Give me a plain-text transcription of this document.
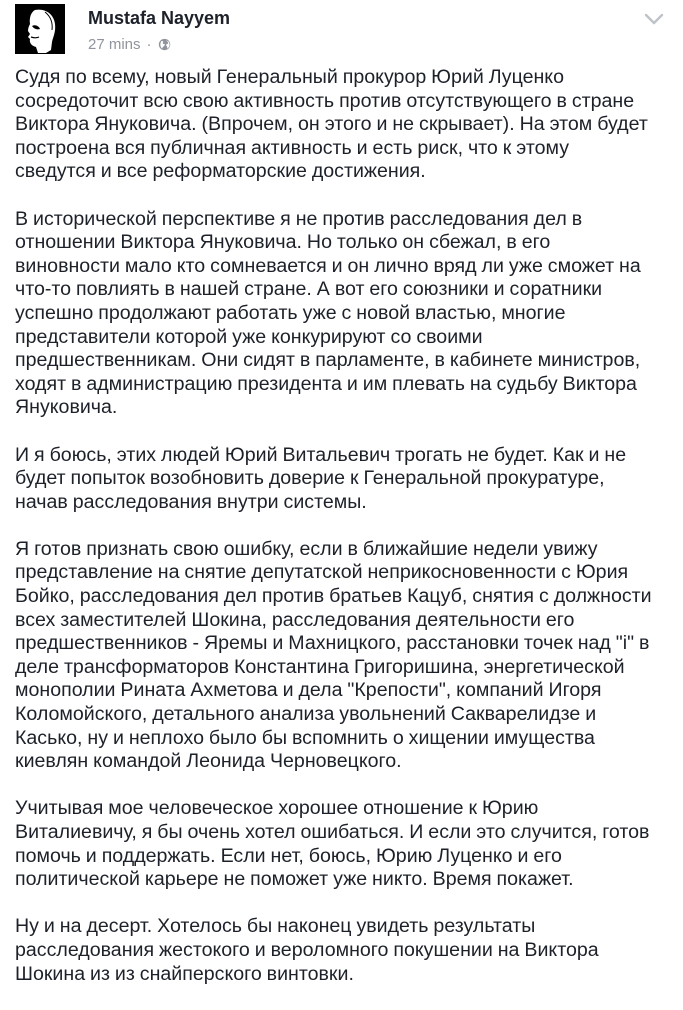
Mustafa Nayyem
27 mins ·

Судя по всему, новый Генеральный прокурор Юрий Луценко
сосредоточит всю свою активность против отсутствующего в стране
Виктора Януковича. (Впрочем, он этого и не скрывает). На этом будет
построена вся публичная активность и есть риск, что к этому
сведутся и все реформаторские достижения.

В исторической перспективе я не против расследования дел в
отношении Виктора Януковича. Но только он сбежал, в его
виновности мало кто сомневается и он лично вряд ли уже сможет на
что-то повлиять в нашей стране. А вот его союзники и соратники
успешно продолжают работать уже с новой властью, многие
представители которой уже конкурируют со своими
предшественникам. Они сидят в парламенте, в кабинете министров,
ходят в администрацию президента и им плевать на судьбу Виктора
Януковича.

И я боюсь, этих людей Юрий Витальевич трогать не будет. Как и не
будет попыток возобновить доверие к Генеральной прокуратуре,
начав расследования внутри системы.

Я готов признать свою ошибку, если в ближайшие недели увижу
представление на снятие депутатской неприкосновенности с Юрия
Бойко, расследования дел против братьев Кацуб, снятия с должности
всех заместителей Шокина, расследования деятельности его
предшественников - Яремы и Махницкого, расстановки точек над "i" в
деле трансформаторов Константина Григоришина, энергетической
монополии Рината Ахметова и дела "Крепости", компаний Игоря
Коломойского, детального анализа увольнений Сакварелидзе и
Касько, ну и неплохо было бы вспомнить о хищении имущества
киевлян командой Леонида Черновецкого.

Учитывая мое человеческое хорошее отношение к Юрию
Виталиевичу, я бы очень хотел ошибаться. И если это случится, готов
помочь и поддержать. Если нет, боюсь, Юрию Луценко и его
политической карьере не поможет уже никто. Время покажет.

Ну и на десерт. Хотелось бы наконец увидеть результаты
расследования жестокого и вероломного покушении на Виктора
Шокина из из снайперского винтовки.
